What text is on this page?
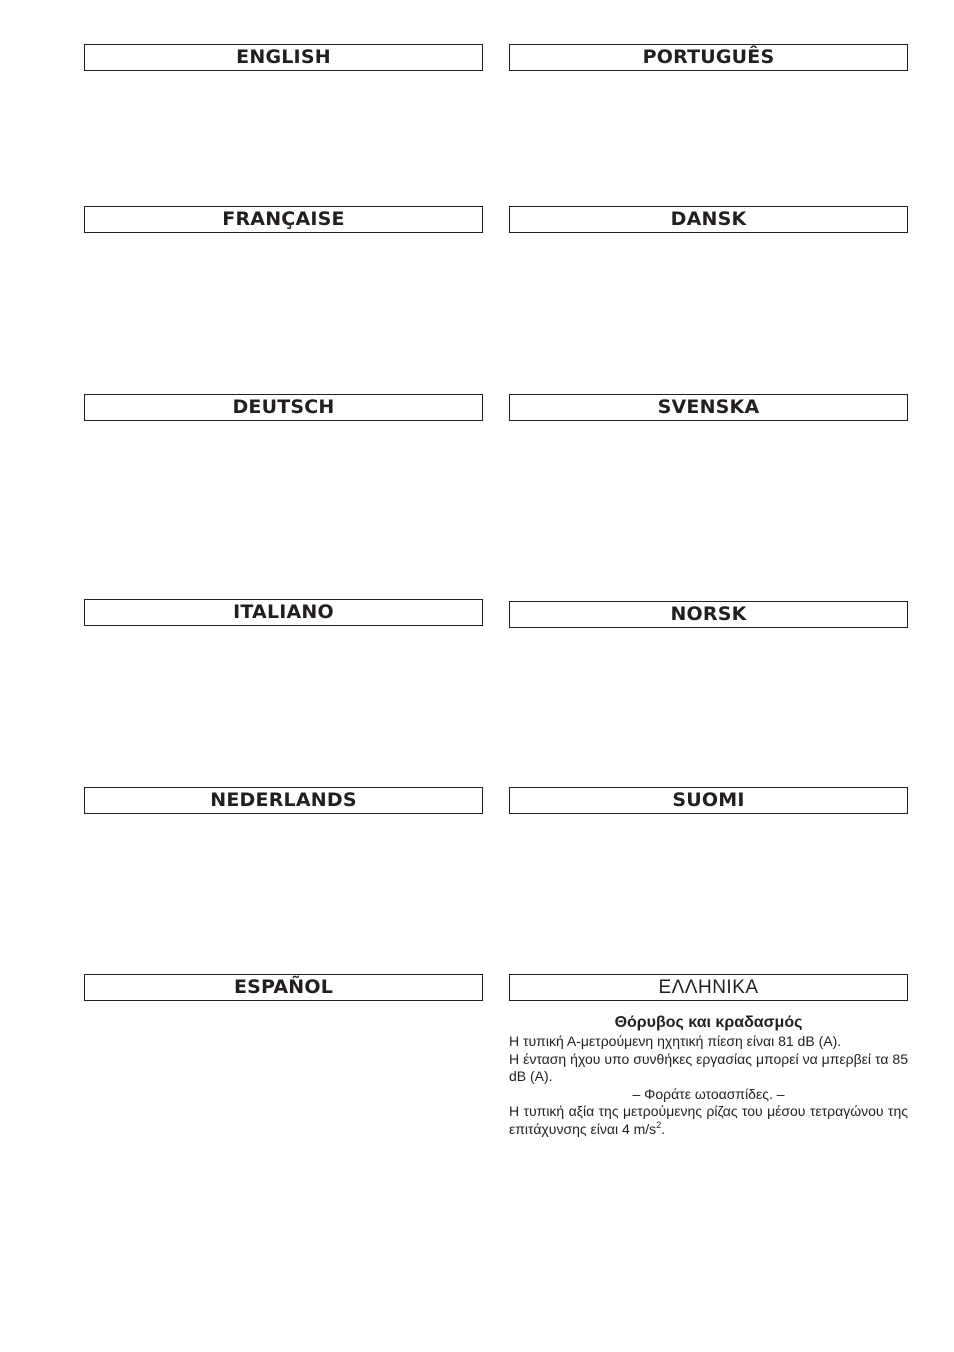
ENGLISH	PORTUGUÊS
FRANÇAISE	DANSK
DEUTSCH	SVENSKA
ITALIANO	NORSK
NEDERLANDS	SUOMI
ESPAÑOL	ΕΛΛΗΝΙΚΑ
Θόρυβος και κραδασμός

Η τυπική Α-μετρούμενη ηχητική πίεση είναι 81 dB (A).

Η ένταση ήχου υπο συνθήκες εργασίας μπορεί να μπερβεί τα 85 dB (A).

– Φοράτε ωτοασπίδες. –

Η τυπική αξία της μετρούμενης ρίζας του μέσου τετραγώνου της επιτάχυνσης είναι 4 $m/s^2$.
